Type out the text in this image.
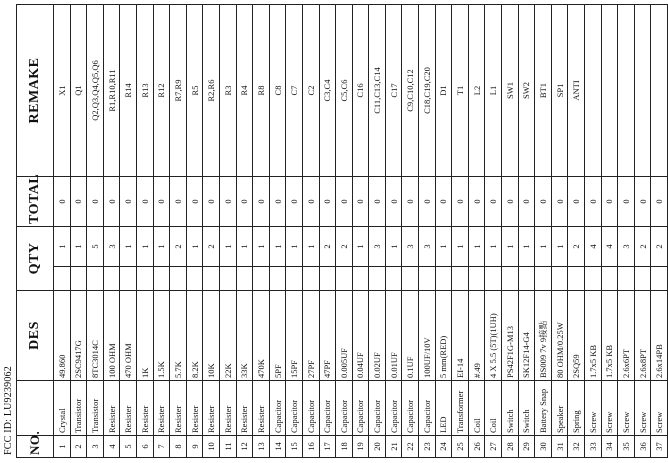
FCC ID: LU9239062 NO.		DES	QTY		TOTAL	REMAKE
1	Crystal	49.860		1	0	X1
2	Transistor	2SC9417G		1	0	Q1
3	Transistor	8TC3014C		5	0	Q2,Q3,Q4,Q5,Q6
4	Resister	100 OHM		3	0	R1,R10,R11
5	Resister	470 OHM		1	0	R14
6	Resister	1K		1	0	R13
7	Resister	1.5K		1	0	R12
8	Resister	5.7K		2	0	R7,R9
9	Resister	8.2K		1	0	R5
10	Resister	10K		2	0	R2,R6
11	Resister	22K		1	0	R3
12	Resister	33K		1	0	R4
13	Resister	470K		1	0	R8
14	Capacitor	5PF		1	0	C8
15	Capacitor	15PF		1	0	C7
16	Capacitor	27PF		1	0	C2
17	Capacitor	47PF		2	0	C3,C4
18	Capacitor	0.005UF		2	0	C5,C6
19	Capacitor	0.04UF		1	0	C16
20	Capacitor	0.02UF		3	0	C11,C13,C14
21	Capacitor	0.01UF		1	0	C17
22	Capacitor	0.1UF		3	0	C9,C10,C12
23	Capacitor	100UF/10V		3	0	C18,C19,C20
24	LED	5 mm(RED)		1	0	D1
25	Transformer	EI-14		1	0	T1
26	Coil	#.49		1	0	L2
27	Coil	4 X 5.5 (5T)(1UH)		1	0	L1
28	Switch	PS42F1G-M13		1	0	SW1
29	Switch	SK12F14-G4		1	0	SW2
30	Battery Snap	BS009 7v 9接點		1	0	BT1
31	Speaker	80 OHM/0.25W		1	0	SP1
32	Spring	2SQ59		2	0	ANTI
33	Screw	1.7x5 KB		4	0	
34	Screw	1.7x5 KB		4	0	
35	Screw	2.6x6PT		3	0	
36	Screw	2.6x8PT		2	0	
37	Screw	2.6x14PB		2	0	
